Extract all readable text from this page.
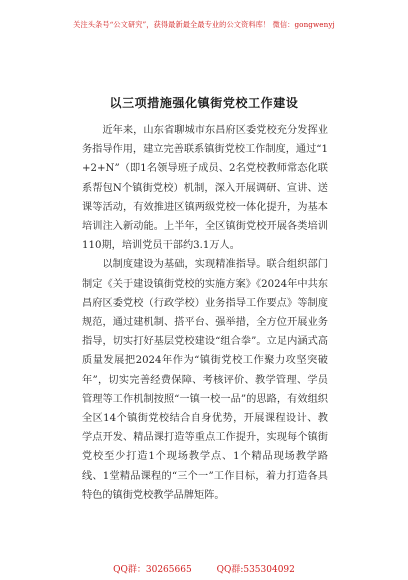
关注头条号“公文研究”，获得最新最全最专业的公文资料库！ 微信：gongwenyj
以三项措施强化镇街党校工作建设

近年来，山东省聊城市东昌府区委党校充分发挥业务指导作用，建立完善联系镇街党校工作制度，通过“1+2+N”（即1名领导班子成员、2名党校教师常态化联系帮包N个镇街党校）机制，深入开展调研、宣讲、送课等活动，有效推进区镇两级党校一体化提升，为基本培训注入新动能。上半年，全区镇街党校开展各类培训110期，培训党员干部约3.1万人。

以制度建设为基础，实现精准指导。联合组织部门制定《关于建设镇街党校的实施方案》《2024年中共东昌府区委党校（行政学校）业务指导工作要点》等制度规范，通过建机制、搭平台、强举措，全方位开展业务指导，切实打好基层党校建设“组合拳”。立足内涵式高质量发展把2024年作为“镇街党校工作聚力攻坚突破年”，切实完善经费保障、考核评价、教学管理、学员管理等工作机制按照“一镇一校一品”的思路，有效组织全区14个镇街党校结合自身优势，开展课程设计、教学点开发、精品课打造等重点工作提升，实现每个镇街党校至少打造1个现场教学点、1个精品现场教学路线、1堂精品课程的“三个一”工作目标，着力打造各具特色的镇街党校教学品牌矩阵。

QQ群：30265665	QQ群:535304092
